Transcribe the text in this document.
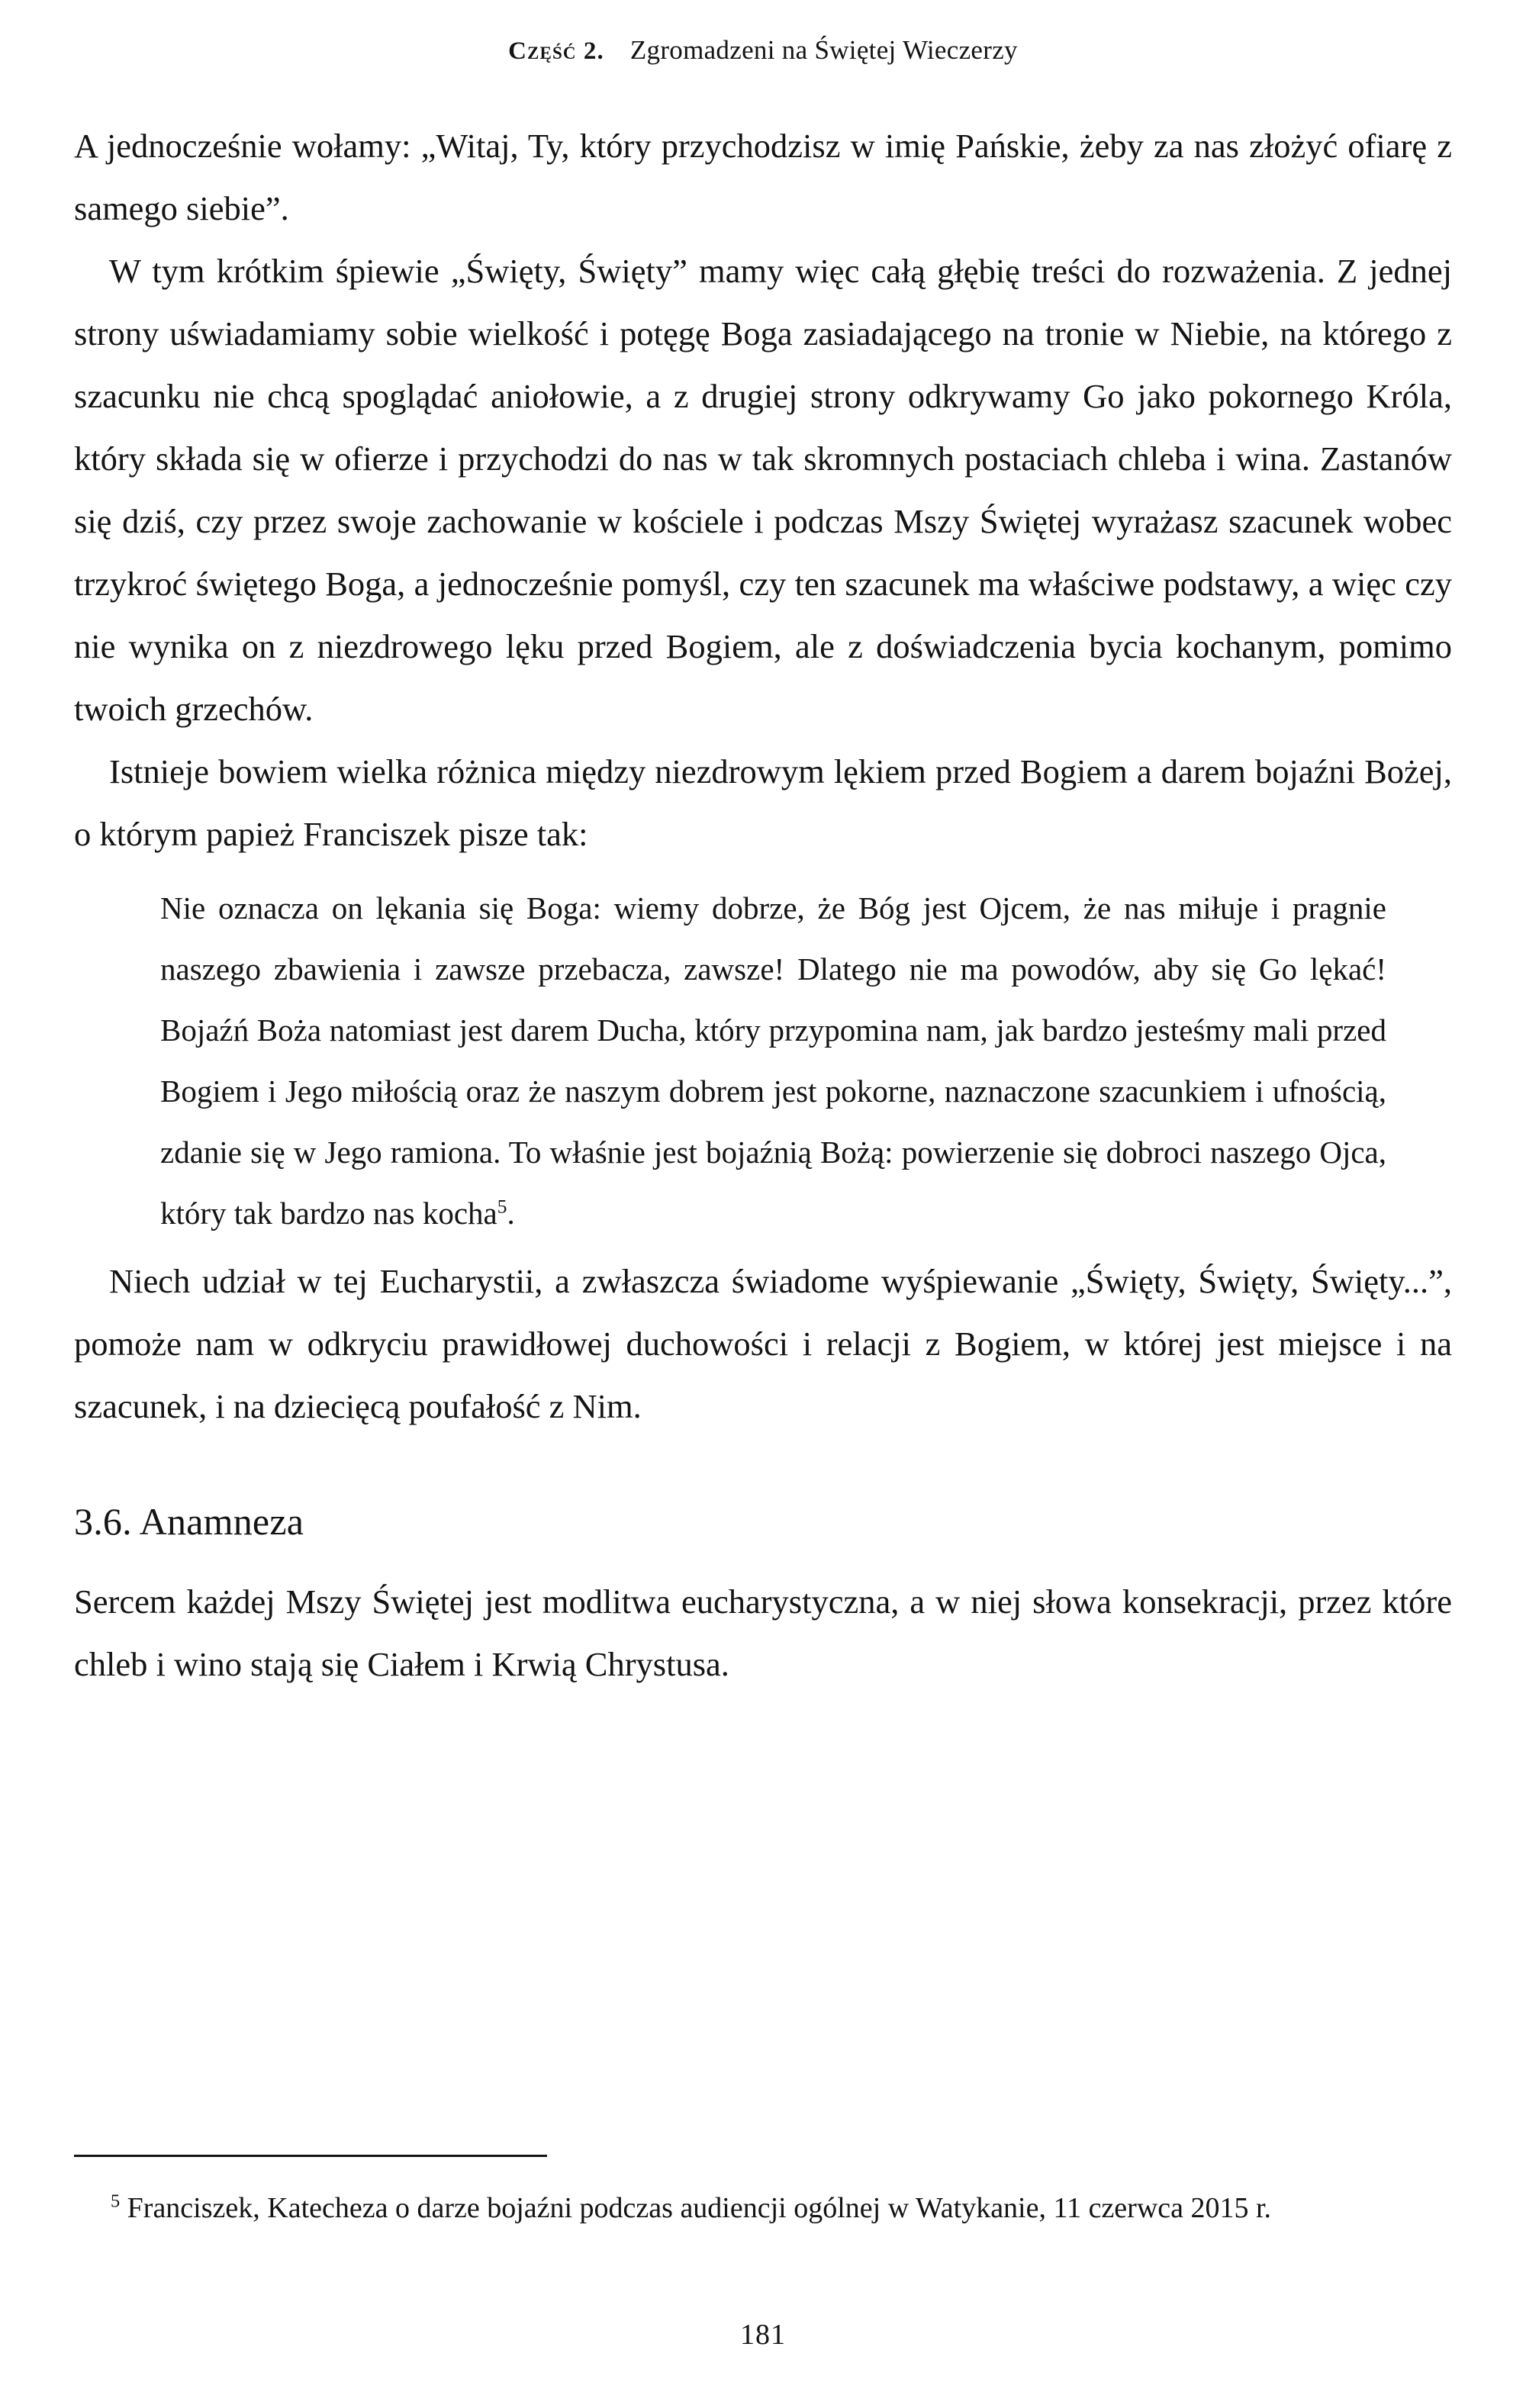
Część 2. Zgromadzeni na Świętej Wieczerzy

A jednocześnie wołamy: „Witaj, Ty, który przychodzisz w imię Pańskie, żeby za nas złożyć ofiarę z samego siebie”.

W tym krótkim śpiewie „Święty, Święty” mamy więc całą głębię treści do rozważenia. Z jednej strony uświadamiamy sobie wielkość i potęgę Boga zasiadającego na tronie w Niebie, na którego z szacunku nie chcą spoglądać aniołowie, a z drugiej strony odkrywamy Go jako pokornego Króla, który składa się w ofierze i przychodzi do nas w tak skromnych postaciach chleba i wina. Zastanów się dziś, czy przez swoje zachowanie w kościele i podczas Mszy Świętej wyrażasz szacunek wobec trzykroć świętego Boga, a jednocześnie pomyśl, czy ten szacunek ma właściwe podstawy, a więc czy nie wynika on z niezdrowego lęku przed Bogiem, ale z doświadczenia bycia kochanym, pomimo twoich grzechów.

Istnieje bowiem wielka różnica między niezdrowym lękiem przed Bogiem a darem bojaźni Bożej, o którym papież Franciszek pisze tak:

Nie oznacza on lękania się Boga: wiemy dobrze, że Bóg jest Ojcem, że nas miłuje i pragnie naszego zbawienia i zawsze przebacza, zawsze! Dlatego nie ma powodów, aby się Go lękać! Bojaźń Boża natomiast jest darem Ducha, który przypomina nam, jak bardzo jesteśmy mali przed Bogiem i Jego miłością oraz że naszym dobrem jest pokorne, naznaczone szacunkiem i ufnością, zdanie się w Jego ramiona. To właśnie jest bojaźnią Bożą: powierzenie się dobroci naszego Ojca, który tak bardzo nas kocha$^5$.

Niech udział w tej Eucharystii, a zwłaszcza świadome wyśpiewanie „Święty, Święty, Święty...”, pomoże nam w odkryciu prawidłowej duchowości i relacji z Bogiem, w której jest miejsce i na szacunek, i na dziecięcą poufałość z Nim.

3.6. Anamneza

Sercem każdej Mszy Świętej jest modlitwa eucharystyczna, a w niej słowa konsekracji, przez które chleb i wino stają się Ciałem i Krwią Chrystusa.

$^5$ Franciszek, Katecheza o darze bojaźni podczas audiencji ogólnej w Watykanie, 11 czerwca 2015 r.

181
